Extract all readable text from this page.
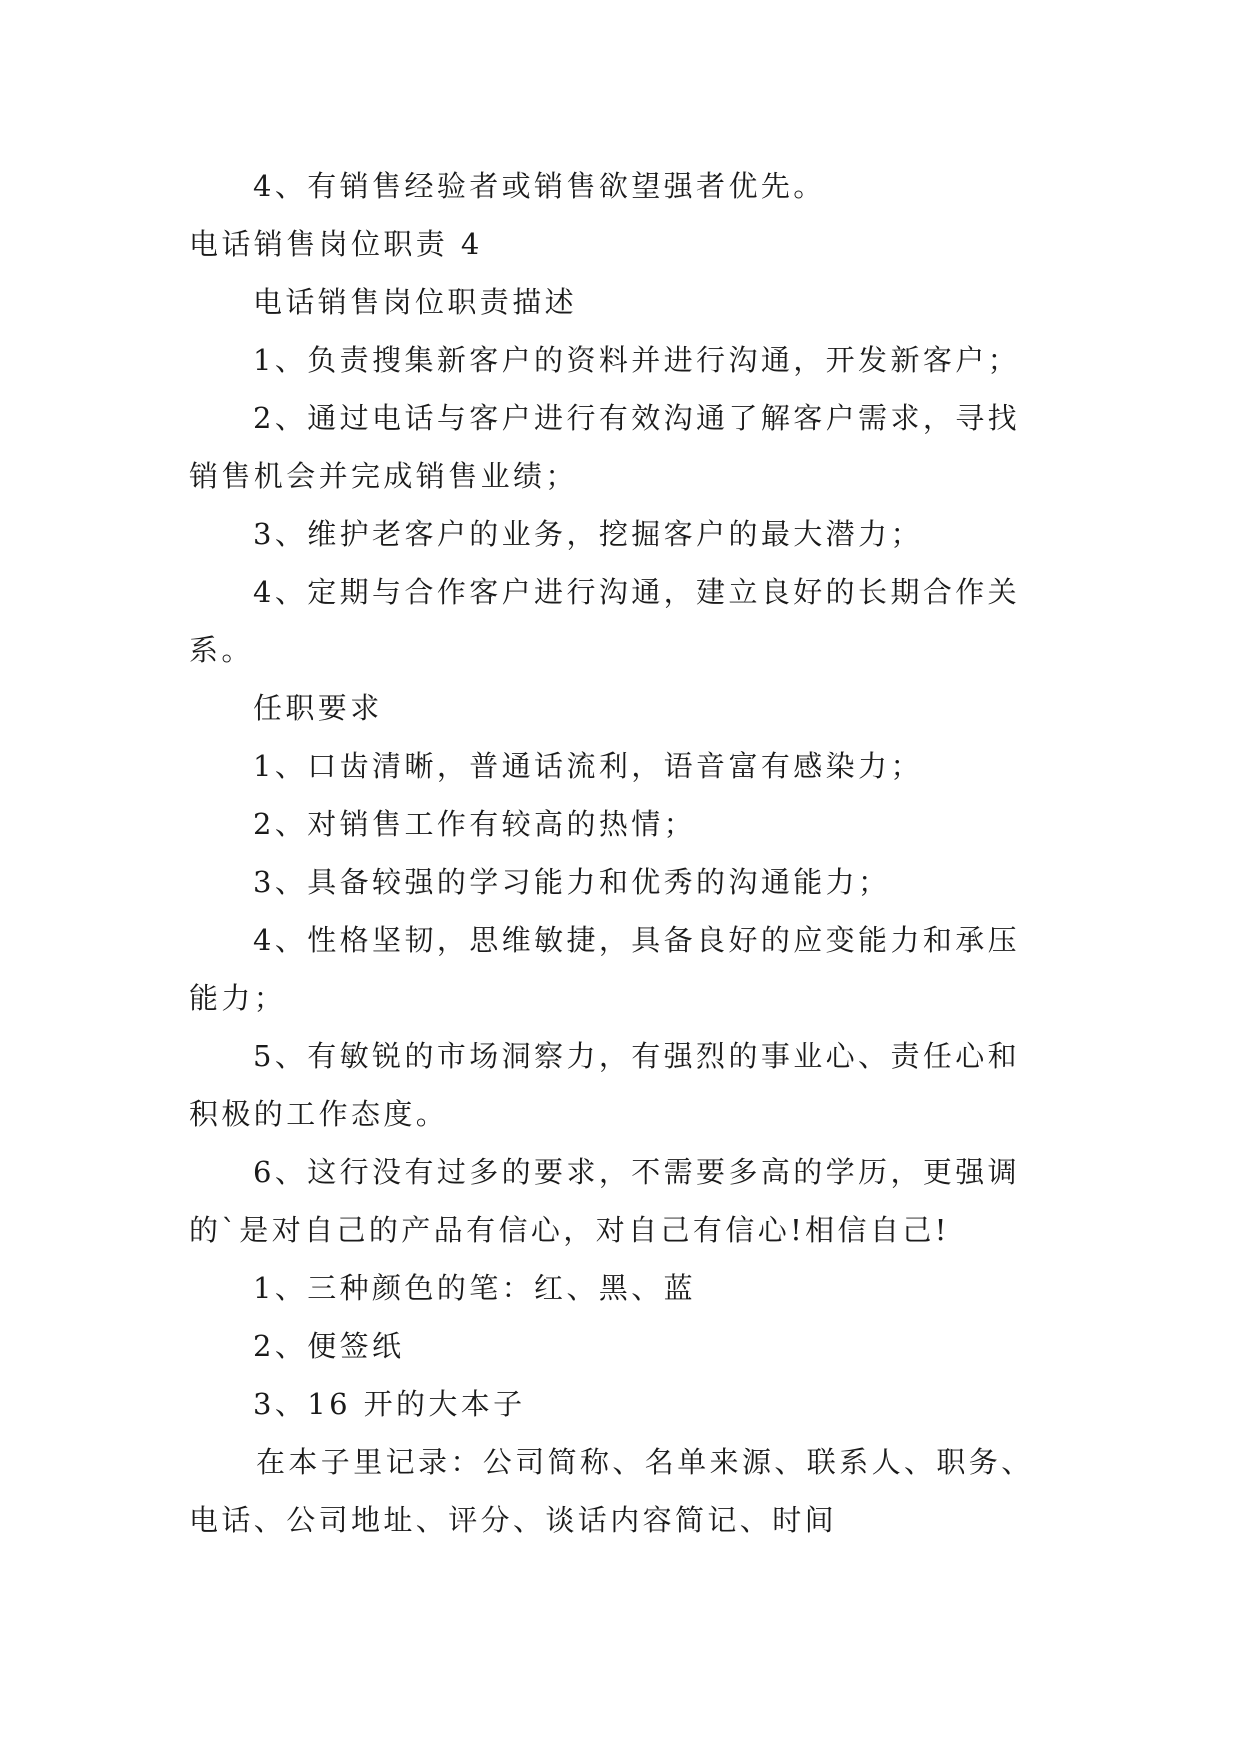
4、有销售经验者或销售欲望强者优先。
电话销售岗位职责 4
电话销售岗位职责描述
1、负责搜集新客户的资料并进行沟通，开发新客户；
2、通过电话与客户进行有效沟通了解客户需求，寻找
销售机会并完成销售业绩；
3、维护老客户的业务，挖掘客户的最大潜力；
4、定期与合作客户进行沟通，建立良好的长期合作关
系。
任职要求
1、口齿清晰，普通话流利，语音富有感染力；
2、对销售工作有较高的热情；
3、具备较强的学习能力和优秀的沟通能力；
4、性格坚韧，思维敏捷，具备良好的应变能力和承压
能力；
5、有敏锐的市场洞察力，有强烈的事业心、责任心和
积极的工作态度。
6、这行没有过多的要求，不需要多高的学历，更强调
的`是对自己的产品有信心，对自己有信心!相信自己!
1、三种颜色的笔：红、黑、蓝
2、便签纸
3、16 开的大本子
在本子里记录：公司简称、名单来源、联系人、职务、
电话、公司地址、评分、谈话内容简记、时间
